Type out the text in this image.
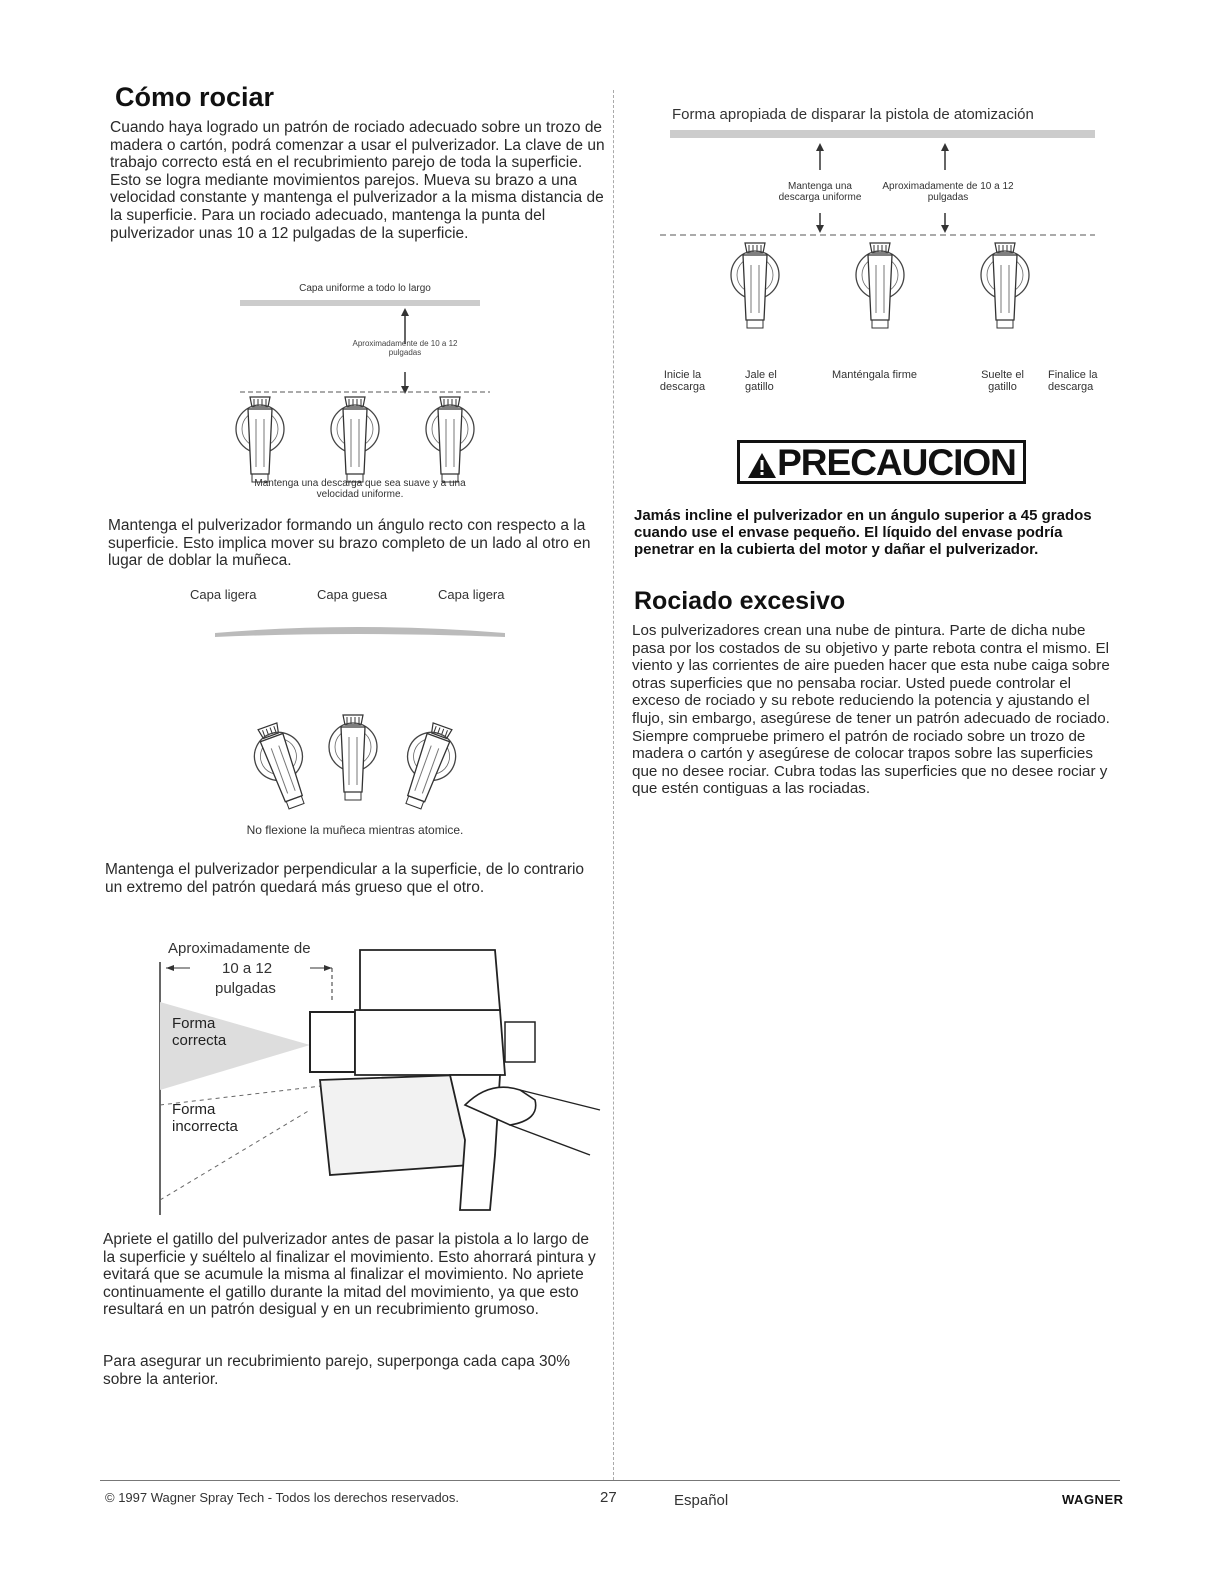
Cómo rociar
Cuando haya logrado un patrón de rociado adecuado sobre un trozo de madera o cartón, podrá comenzar a usar el pulverizador. La clave de un trabajo correcto está en el recubrimiento parejo de toda la superficie. Esto se logra mediante movimientos parejos. Mueva su brazo a una velocidad constante y mantenga el pulverizador a la misma distancia de la superficie. Para un rociado adecuado, mantenga la punta del pulverizador unas 10 a 12 pulgadas de la superficie.
Capa uniforme a todo lo largo
Aproximadamente de 10 a 12 pulgadas
Mantenga una descarga que sea suave y a una velocidad uniforme.
Mantenga el pulverizador formando un ángulo recto con respecto a la superficie. Esto implica mover su brazo completo de un lado al otro en lugar de doblar la muñeca.
Capa ligera	Capa guesa	Capa ligera
No flexione la muñeca mientras atomice.
Mantenga el pulverizador perpendicular a la superficie, de lo contrario un extremo del patrón quedará más grueso que el otro.
Aproximadamente de
10 a 12
pulgadas
Forma correcta
Forma incorrecta
Apriete el gatillo del pulverizador antes de pasar la pistola a lo largo de la superficie y suéltelo al finalizar el movimiento. Esto ahorrará pintura y evitará que se acumule la misma al finalizar el movimiento. No apriete continuamente el gatillo durante la mitad del movimiento, ya que esto resultará en un patrón desigual y en un recubrimiento grumoso.
Para asegurar un recubrimiento parejo, superponga cada capa 30% sobre la anterior.
Forma apropiada de disparar la pistola de atomización
Mantenga una descarga uniforme
Aproximadamente de 10 a 12 pulgadas
Inicie la descarga
Jale el gatillo
Manténgala firme	Suelte el gatillo
Finalice la descarga
PRECAUCION
Jamás incline el pulverizador en un ángulo superior a 45 grados cuando use el envase pequeño. El líquido del envase podría penetrar en la cubierta del motor y dañar el pulverizador.
Rociado excesivo
Los pulverizadores crean una nube de pintura. Parte de dicha nube pasa por los costados de su objetivo y parte rebota contra el mismo. El viento y las corrientes de aire pueden hacer que esta nube caiga sobre otras superficies que no pensaba rociar. Usted puede controlar el exceso de rociado y su rebote reduciendo la potencia y ajustando el flujo, sin embargo, asegúrese de tener un patrón adecuado de rociado. Siempre compruebe primero el patrón de rociado sobre un trozo de madera o cartón y asegúrese de colocar trapos sobre las superficies que no desee rociar. Cubra todas las superficies que no desee rociar y que estén contiguas a las rociadas.
© 1997 Wagner Spray Tech - Todos los derechos reservados.	27	Español	WAGNER
